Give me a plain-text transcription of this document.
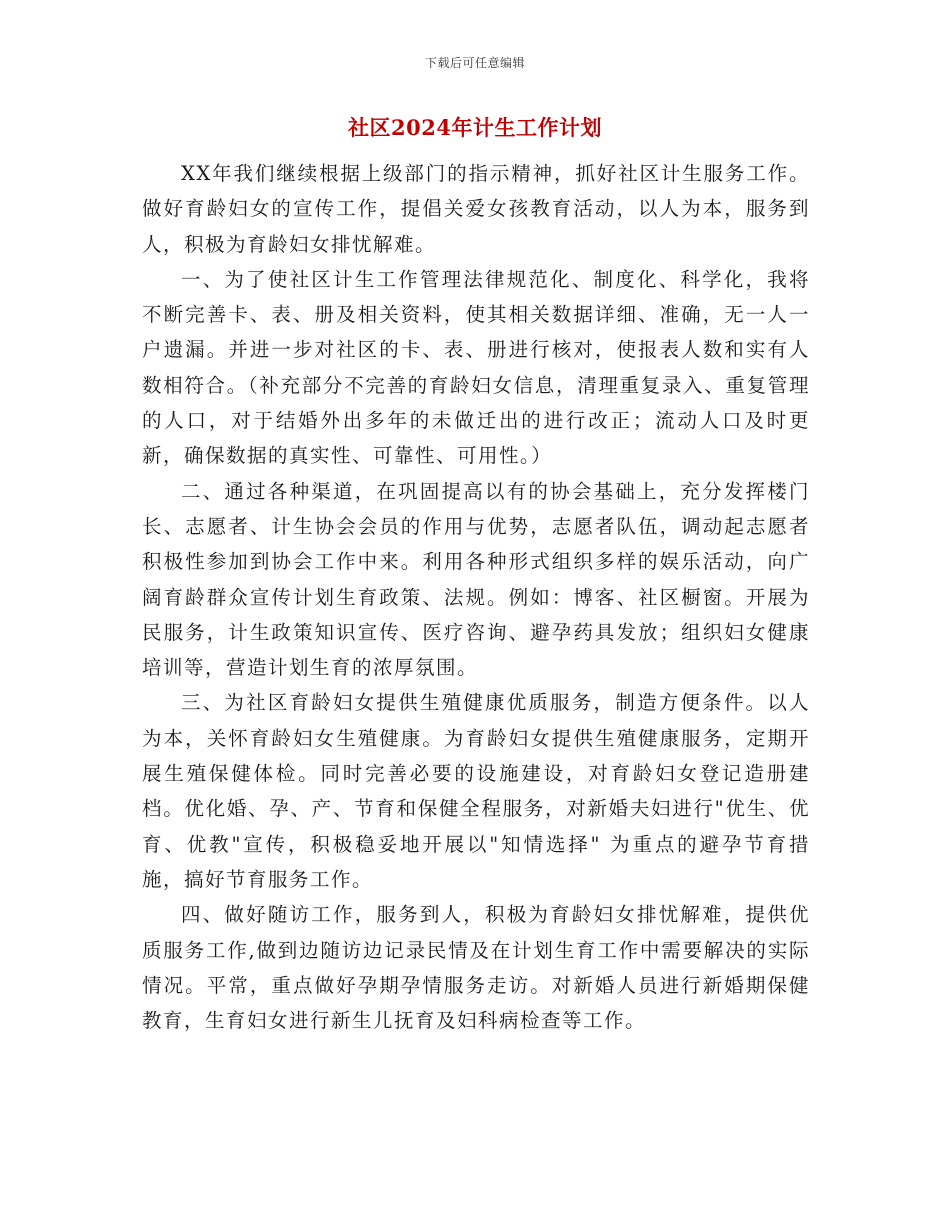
下载后可任意编辑
社区2024年计生工作计划

XX年我们继续根据上级部门的指示精神，抓好社区计生服务工作。做好育龄妇女的宣传工作，提倡关爱女孩教育活动，以人为本，服务到人，积极为育龄妇女排忧解难。

一、为了使社区计生工作管理法律规范化、制度化、科学化，我将不断完善卡、表、册及相关资料，使其相关数据详细、准确，无一人一户遗漏。并进一步对社区的卡、表、册进行核对，使报表人数和实有人数相符合。（补充部分不完善的育龄妇女信息，清理重复录入、重复管理的人口，对于结婚外出多年的未做迁出的进行改正；流动人口及时更新，确保数据的真实性、可靠性、可用性。）

二、通过各种渠道，在巩固提高以有的协会基础上，充分发挥楼门长、志愿者、计生协会会员的作用与优势，志愿者队伍，调动起志愿者积极性参加到协会工作中来。利用各种形式组织多样的娱乐活动，向广阔育龄群众宣传计划生育政策、法规。例如：博客、社区橱窗。开展为民服务，计生政策知识宣传、医疗咨询、避孕药具发放；组织妇女健康培训等，营造计划生育的浓厚氛围。

三、为社区育龄妇女提供生殖健康优质服务，制造方便条件。以人为本，关怀育龄妇女生殖健康。为育龄妇女提供生殖健康服务，定期开展生殖保健体检。同时完善必要的设施建设，对育龄妇女登记造册建档。优化婚、孕、产、节育和保健全程服务，对新婚夫妇进行"优生、优育、优教"宣传，积极稳妥地开展以"知情选择" 为重点的避孕节育措施，搞好节育服务工作。

四、做好随访工作，服务到人，积极为育龄妇女排忧解难，提供优质服务工作,做到边随访边记录民情及在计划生育工作中需要解决的实际情况。平常，重点做好孕期孕情服务走访。对新婚人员进行新婚期保健教育，生育妇女进行新生儿抚育及妇科病检查等工作。
